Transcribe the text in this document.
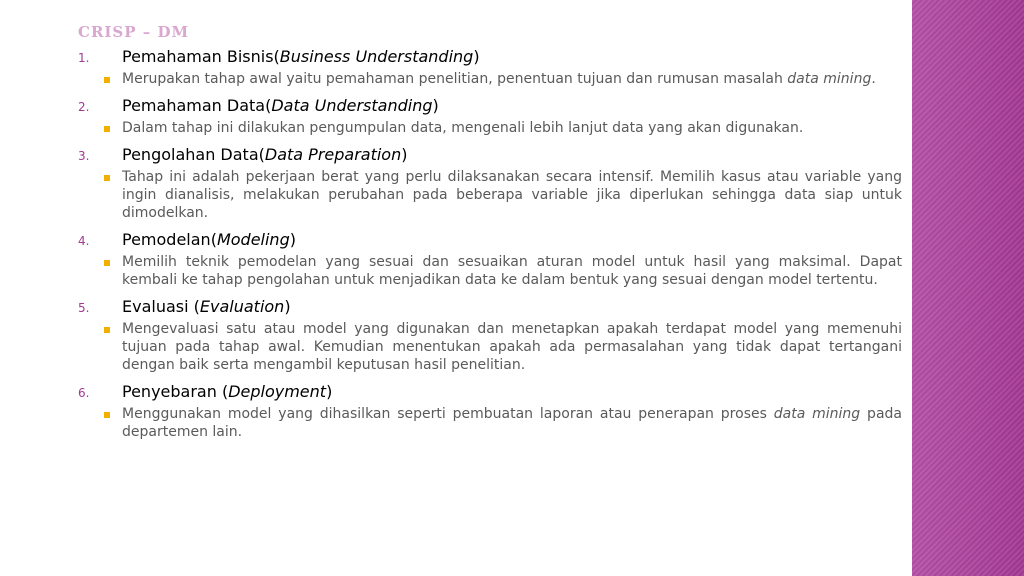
CRISP – DM
1.	Pemahaman Bisnis(Business Understanding)
Merupakan tahap awal yaitu pemahaman penelitian, penentuan tujuan dan rumusan masalah data mining.
2.	Pemahaman Data(Data Understanding)
Dalam tahap ini dilakukan pengumpulan data, mengenali lebih lanjut data yang akan digunakan.
3.	Pengolahan Data(Data Preparation)
Tahap ini adalah pekerjaan berat yang perlu dilaksanakan secara intensif. Memilih kasus atau variable yang ingin dianalisis, melakukan perubahan pada beberapa variable jika diperlukan sehingga data siap untuk dimodelkan.
4.	Pemodelan(Modeling)
Memilih teknik pemodelan yang sesuai dan sesuaikan aturan model untuk hasil yang maksimal. Dapat kembali ke tahap pengolahan untuk menjadikan data ke dalam bentuk yang sesuai dengan model tertentu.
5.	Evaluasi (Evaluation)
Mengevaluasi satu atau model yang digunakan dan menetapkan apakah terdapat model yang memenuhi tujuan pada tahap awal. Kemudian menentukan apakah ada permasalahan yang tidak dapat tertangani dengan baik serta mengambil keputusan hasil penelitian.
6.	Penyebaran (Deployment)
Menggunakan model yang dihasilkan seperti pembuatan laporan atau penerapan proses data mining pada departemen lain.
